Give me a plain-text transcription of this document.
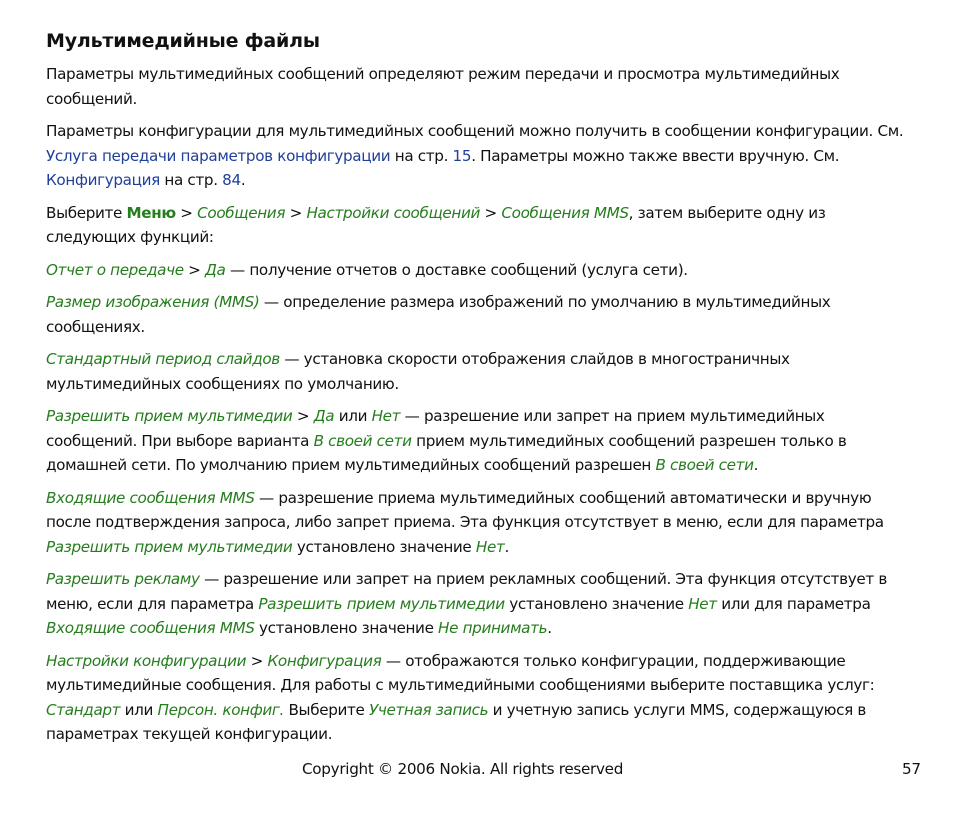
Мультимедийные файлы

Параметры мультимедийных сообщений определяют режим передачи и просмотра мультимедийных сообщений.

Параметры конфигурации для мультимедийных сообщений можно получить в сообщении конфигурации. См. Услуга передачи параметров конфигурации на стр. 15. Параметры можно также ввести вручную. См. Конфигурация на стр. 84.

Выберите Меню > Сообщения > Настройки сообщений > Сообщения MMS, затем выберите одну из следующих функций:

Отчет о передаче > Да — получение отчетов о доставке сообщений (услуга сети).

Размер изображения (MMS) — определение размера изображений по умолчанию в мультимедийных сообщениях.

Стандартный период слайдов — установка скорости отображения слайдов в многостраничных мультимедийных сообщениях по умолчанию.

Разрешить прием мультимедии > Да или Нет — разрешение или запрет на прием мультимедийных сообщений. При выборе варианта В своей сети прием мультимедийных сообщений разрешен только в домашней сети. По умолчанию прием мультимедийных сообщений разрешен В своей сети.

Входящие сообщения MMS — разрешение приема мультимедийных сообщений автоматически и вручную после подтверждения запроса, либо запрет приема. Эта функция отсутствует в меню, если для параметра Разрешить прием мультимедии установлено значение Нет.

Разрешить рекламу — разрешение или запрет на прием рекламных сообщений. Эта функция отсутствует в меню, если для параметра Разрешить прием мультимедии установлено значение Нет или для параметра Входящие сообщения MMS установлено значение Не принимать.

Настройки конфигурации > Конфигурация — отображаются только конфигурации, поддерживающие мультимедийные сообщения. Для работы с мультимедийными сообщениями выберите поставщика услуг: Стандарт или Персон. конфиг. Выберите Учетная запись и учетную запись услуги MMS, содержащуюся в параметрах текущей конфигурации.

Copyright © 2006 Nokia. All rights reserved	57
